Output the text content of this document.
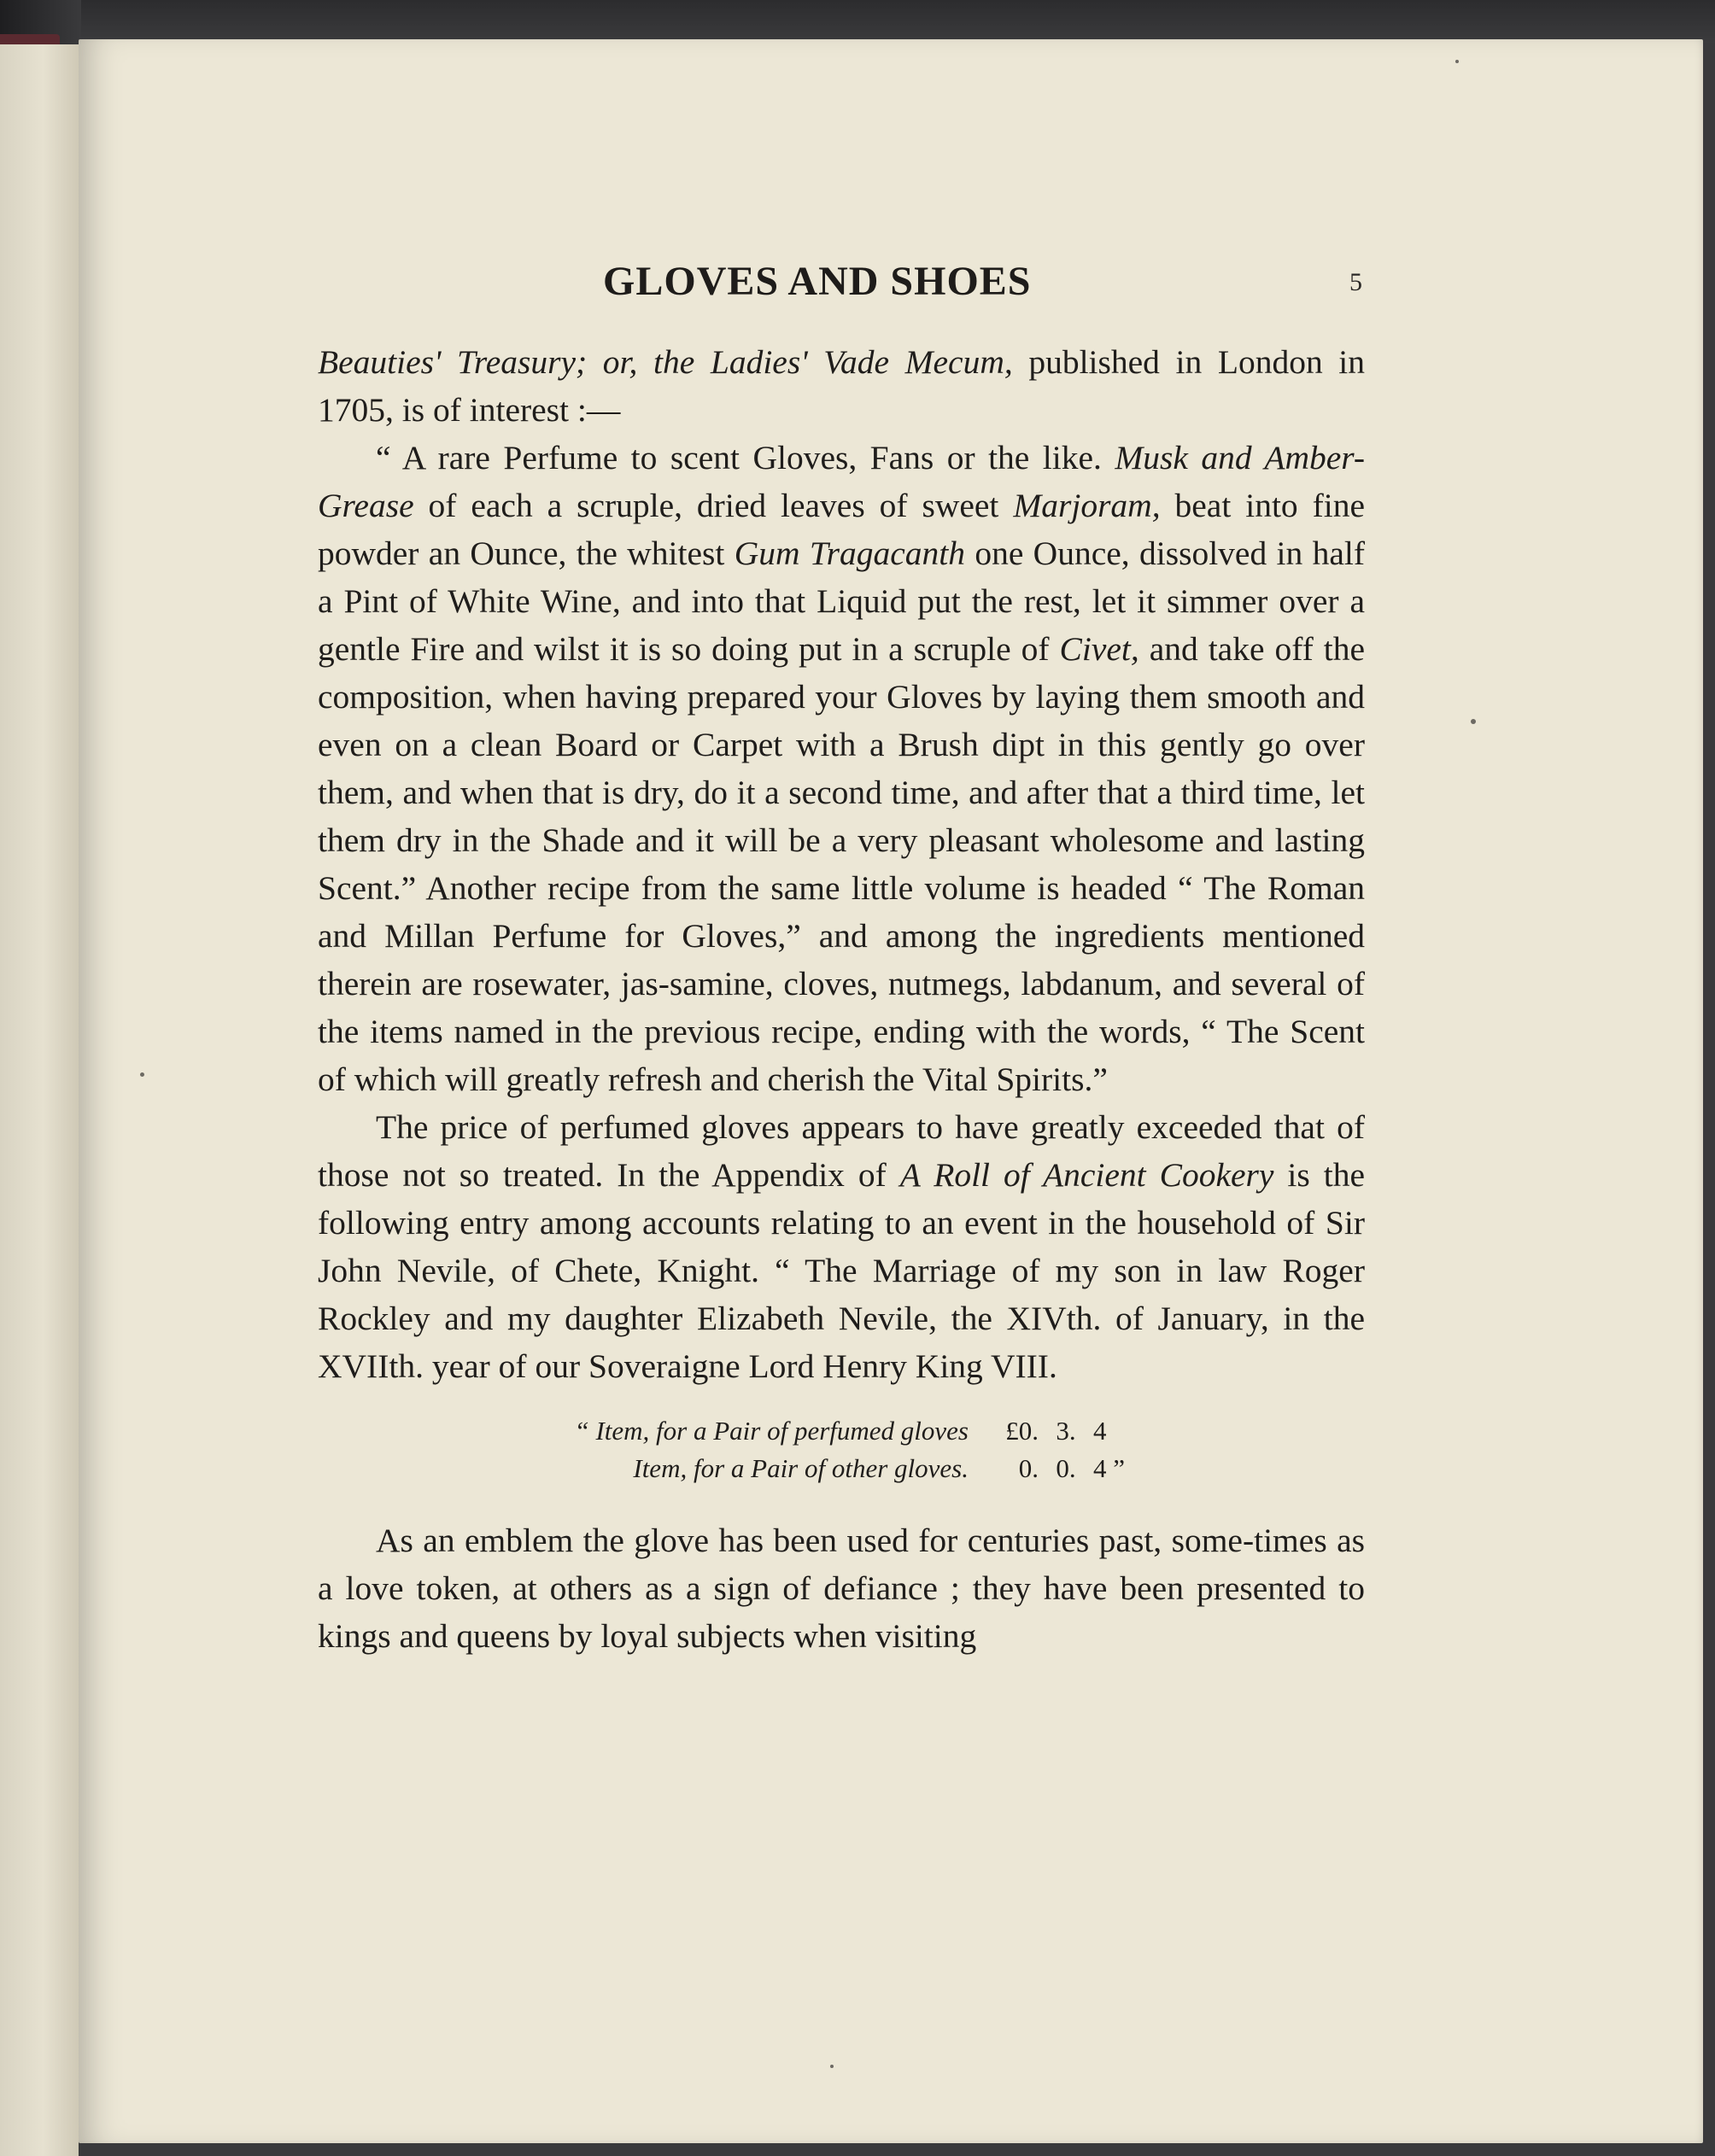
GLOVES AND SHOES	5

Beauties' Treasury; or, the Ladies' Vade Mecum, published in London in 1705, is of interest :—

“ A rare Perfume to scent Gloves, Fans or the like. Musk and Amber-Grease of each a scruple, dried leaves of sweet Marjoram, beat into fine powder an Ounce, the whitest Gum Tragacanth one Ounce, dissolved in half a Pint of White Wine, and into that Liquid put the rest, let it simmer over a gentle Fire and wilst it is so doing put in a scruple of Civet, and take off the composition, when having prepared your Gloves by laying them smooth and even on a clean Board or Carpet with a Brush dipt in this gently go over them, and when that is dry, do it a second time, and after that a third time, let them dry in the Shade and it will be a very pleasant wholesome and lasting Scent.” Another recipe from the same little volume is headed “ The Roman and Millan Perfume for Gloves,” and among the ingredients mentioned therein are rosewater, jas-samine, cloves, nutmegs, labdanum, and several of the items named in the previous recipe, ending with the words, “ The Scent of which will greatly refresh and cherish the Vital Spirits.”

The price of perfumed gloves appears to have greatly exceeded that of those not so treated. In the Appendix of A Roll of Ancient Cookery is the following entry among accounts relating to an event in the household of Sir John Nevile, of Chete, Knight. “ The Marriage of my son in law Roger Rockley and my daughter Elizabeth Nevile, the XIVth. of January, in the XVIIth. year of our Soveraigne Lord Henry King VIII.

“ Item, for a Pair of perfumed gloves	£0. 3. 4
Item, for a Pair of other gloves.	0. 0. 4 ”

As an emblem the glove has been used for centuries past, some-times as a love token, at others as a sign of defiance ; they have been presented to kings and queens by loyal subjects when visiting
